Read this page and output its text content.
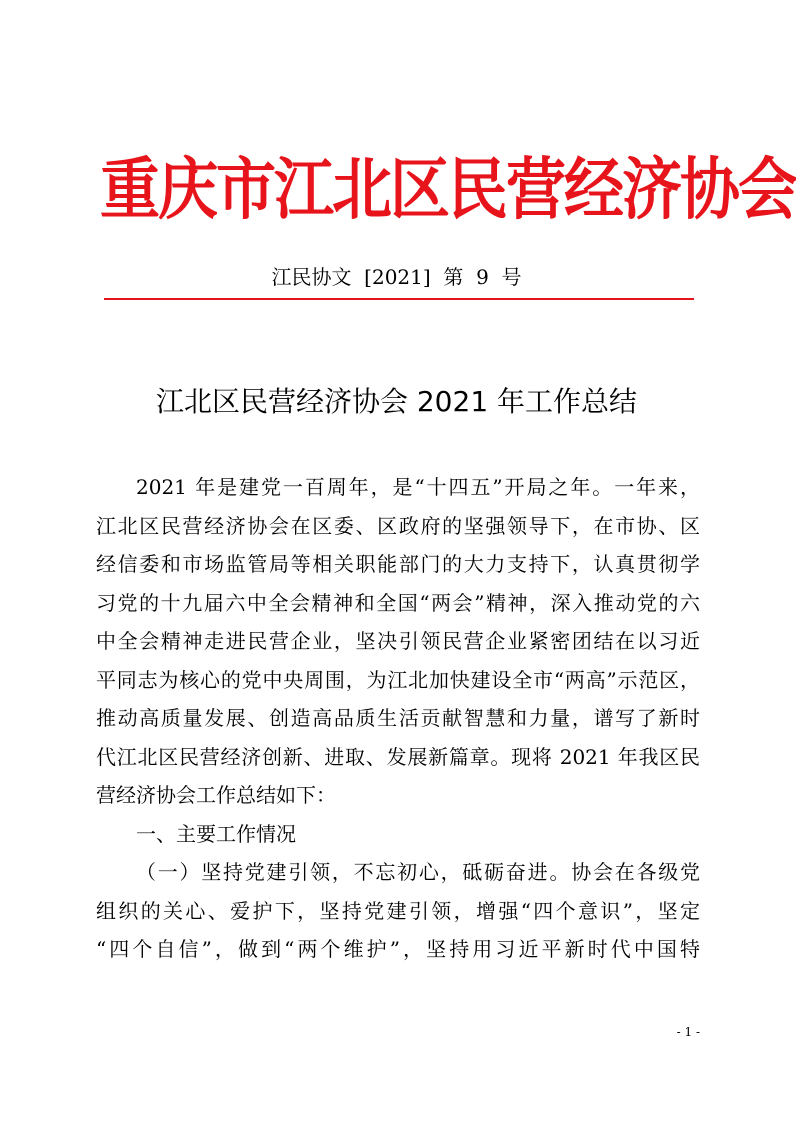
重庆市江北区民营经济协会
江民协文  [2021]  第  9  号
江北区民营经济协会 2021 年工作总结
2021 年是建党一百周年，是“十四五”开局之年。一年来，
江北区民营经济协会在区委、区政府的坚强领导下，在市协、区
经信委和市场监管局等相关职能部门的大力支持下，认真贯彻学
习党的十九届六中全会精神和全国“两会”精神，深入推动党的六
中全会精神走进民营企业，坚决引领民营企业紧密团结在以习近
平同志为核心的党中央周围，为江北加快建设全市“两高”示范区，
推动高质量发展、创造高品质生活贡献智慧和力量，谱写了新时
代江北区民营经济创新、进取、发展新篇章。现将 2021 年我区民
营经济协会工作总结如下：
一、主要工作情况
（一）坚持党建引领，不忘初心，砥砺奋进。协会在各级党
组织的关心、爱护下，坚持党建引领，增强“四个意识”，坚定
“四个自信”，做到“两个维护”，坚持用习近平新时代中国特
- 1 -
